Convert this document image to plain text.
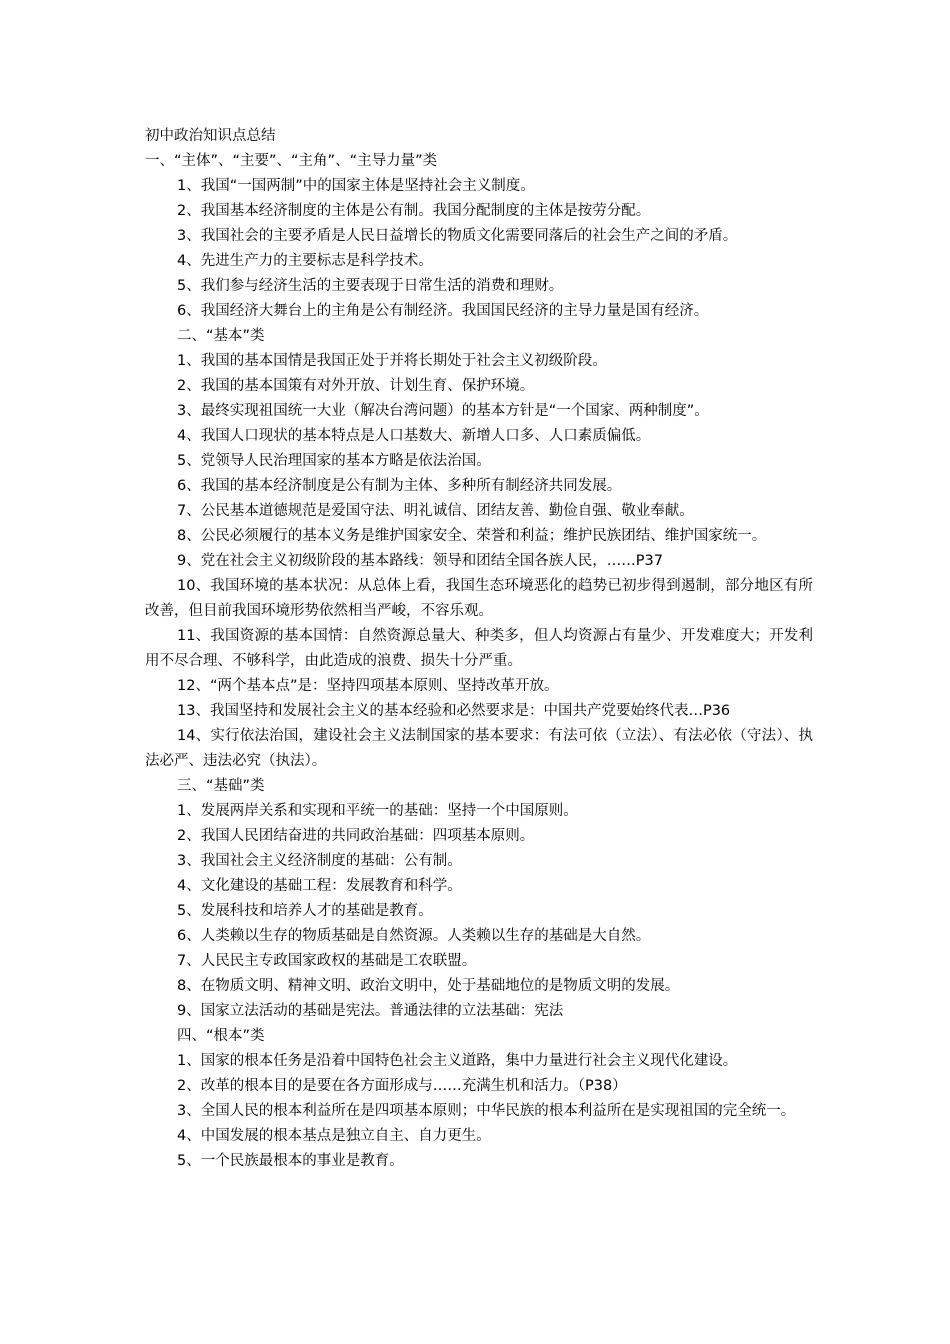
初中政治知识点总结

一、“主体”、“主要”、“主角”、“主导力量”类

1、我国“一国两制”中的国家主体是坚持社会主义制度。

2、我国基本经济制度的主体是公有制。我国分配制度的主体是按劳分配。

3、我国社会的主要矛盾是人民日益增长的物质文化需要同落后的社会生产之间的矛盾。

4、先进生产力的主要标志是科学技术。

5、我们参与经济生活的主要表现于日常生活的消费和理财。

6、我国经济大舞台上的主角是公有制经济。我国国民经济的主导力量是国有经济。

二、“基本”类

1、我国的基本国情是我国正处于并将长期处于社会主义初级阶段。

2、我国的基本国策有对外开放、计划生育、保护环境。

3、最终实现祖国统一大业（解决台湾问题）的基本方针是“一个国家、两种制度”。

4、我国人口现状的基本特点是人口基数大、新增人口多、人口素质偏低。

5、党领导人民治理国家的基本方略是依法治国。

6、我国的基本经济制度是公有制为主体、多种所有制经济共同发展。

7、公民基本道德规范是爱国守法、明礼诚信、团结友善、勤俭自强、敬业奉献。

8、公民必须履行的基本义务是维护国家安全、荣誉和利益；维护民族团结、维护国家统一。

9、党在社会主义初级阶段的基本路线：领导和团结全国各族人民，……P37

10、我国环境的基本状况：从总体上看，我国生态环境恶化的趋势已初步得到遏制，部分地区有所改善，但目前我国环境形势依然相当严峻，不容乐观。

11、我国资源的基本国情：自然资源总量大、种类多，但人均资源占有量少、开发难度大；开发利用不尽合理、不够科学，由此造成的浪费、损失十分严重。

12、“两个基本点”是：坚持四项基本原则、坚持改革开放。

13、我国坚持和发展社会主义的基本经验和必然要求是：中国共产党要始终代表…P36

14、实行依法治国，建设社会主义法制国家的基本要求：有法可依（立法）、有法必依（守法）、执法必严、违法必究（执法）。

三、“基础”类

1、发展两岸关系和实现和平统一的基础：坚持一个中国原则。

2、我国人民团结奋进的共同政治基础：四项基本原则。

3、我国社会主义经济制度的基础：公有制。

4、文化建设的基础工程：发展教育和科学。

5、发展科技和培养人才的基础是教育。

6、人类赖以生存的物质基础是自然资源。人类赖以生存的基础是大自然。

7、人民民主专政国家政权的基础是工农联盟。

8、在物质文明、精神文明、政治文明中，处于基础地位的是物质文明的发展。

9、国家立法活动的基础是宪法。普通法律的立法基础：宪法

四、“根本”类

1、国家的根本任务是沿着中国特色社会主义道路，集中力量进行社会主义现代化建设。

2、改革的根本目的是要在各方面形成与……充满生机和活力。（P38）

3、全国人民的根本利益所在是四项基本原则；中华民族的根本利益所在是实现祖国的完全统一。

4、中国发展的根本基点是独立自主、自力更生。

5、一个民族最根本的事业是教育。
